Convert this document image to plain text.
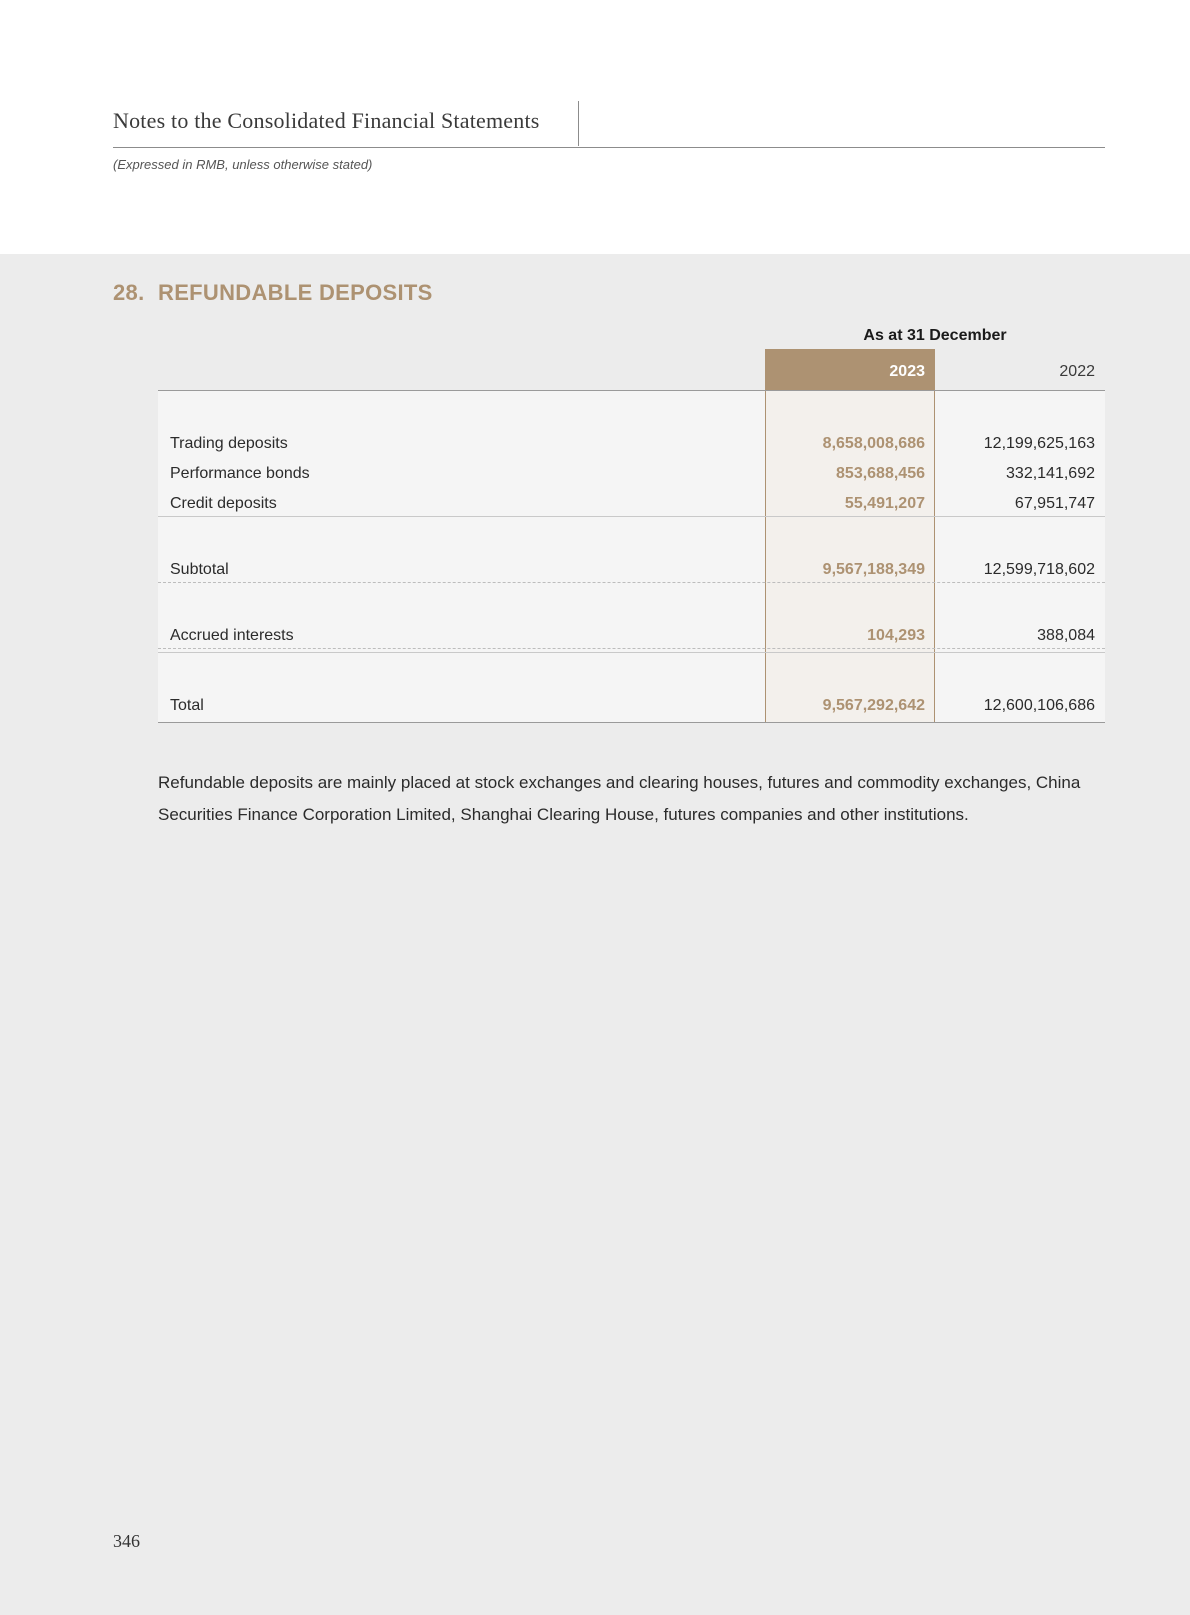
Notes to the Consolidated Financial Statements
(Expressed in RMB, unless otherwise stated)
28. REFUNDABLE DEPOSITS
As at 31 December
2023	2022
Trading deposits	8,658,008,686	12,199,625,163
Performance bonds	853,688,456	332,141,692
Credit deposits	55,491,207	67,951,747
Subtotal	9,567,188,349	12,599,718,602
Accrued interests	104,293	388,084
Total	9,567,292,642	12,600,106,686
Refundable deposits are mainly placed at stock exchanges and clearing houses, futures and commodity exchanges, China Securities Finance Corporation Limited, Shanghai Clearing House, futures companies and other institutions.
346
